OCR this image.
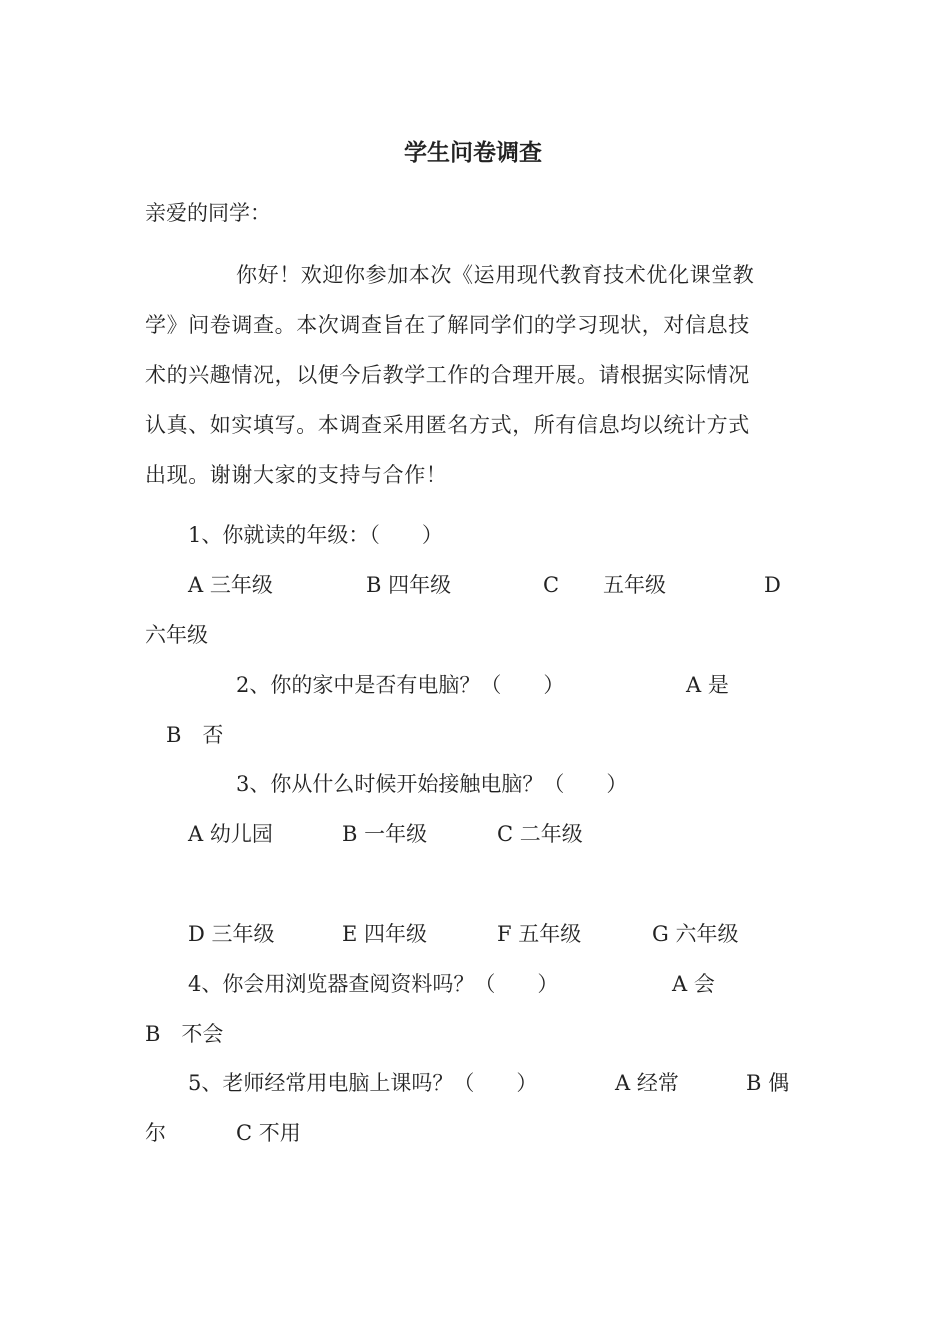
学生问卷调查
亲爱的同学：
你好！欢迎你参加本次《运用现代教育技术优化课堂教
学》问卷调查。本次调查旨在了解同学们的学习现状，对信息技
术的兴趣情况，以便今后教学工作的合理开展。请根据实际情况
认真、如实填写。本调查采用匿名方式，所有信息均以统计方式
出现。谢谢大家的支持与合作！
1、你就读的年级：（　　）
A 三年级	B 四年级	C 五年级	D
六年级
2、你的家中是否有电脑？（　　）	A 是
B　否
3、你从什么时候开始接触电脑？（　　）
A 幼儿园	B 一年级	C 二年级
D 三年级	E 四年级	F 五年级	G 六年级
4、你会用浏览器查阅资料吗？（　　）	A 会
B　不会
5、老师经常用电脑上课吗？（　　）	A 经常	B 偶
尔	C 不用
